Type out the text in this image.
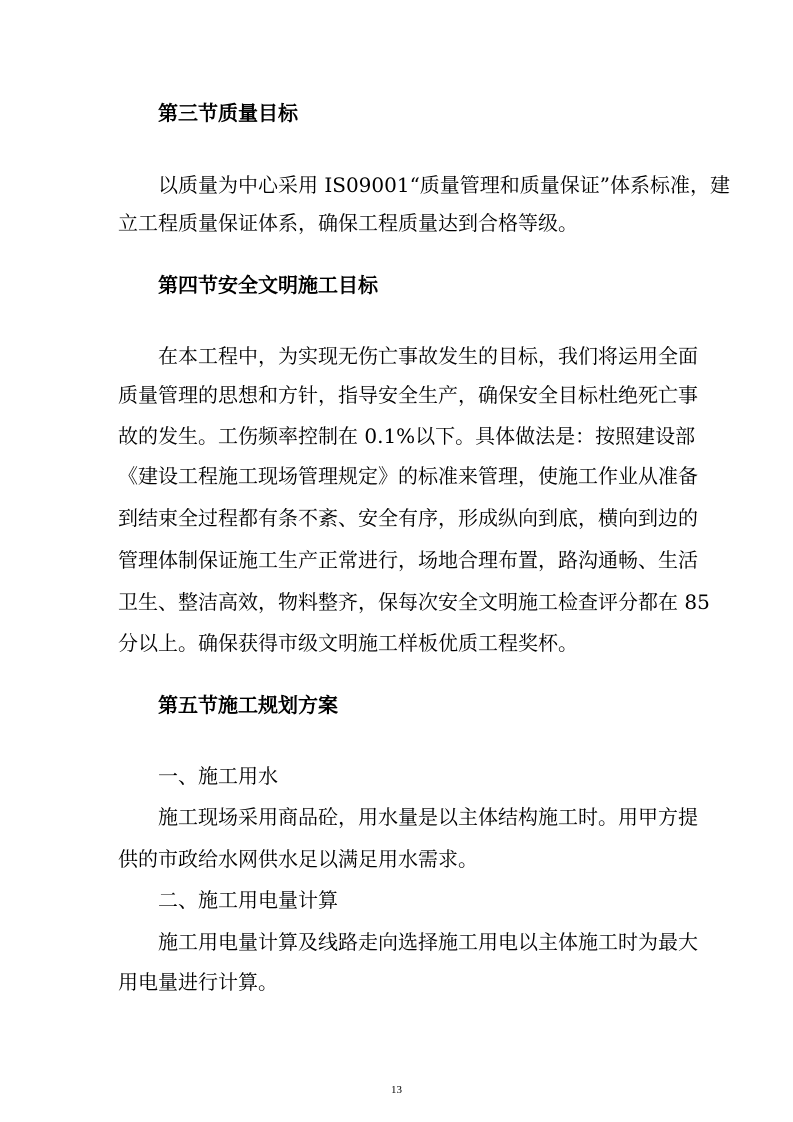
第三节质量目标

以质量为中心采用 IS09001“质量管理和质量保证”体系标准，建

立工程质量保证体系，确保工程质量达到合格等级。

第四节安全文明施工目标

在本工程中，为实现无伤亡事故发生的目标，我们将运用全面

质量管理的思想和方针，指导安全生产，确保安全目标杜绝死亡事

故的发生。工伤频率控制在 0.1%以下。具体做法是：按照建设部

《建设工程施工现场管理规定》的标准来管理，使施工作业从准备

到结束全过程都有条不紊、安全有序，形成纵向到底，横向到边的

管理体制保证施工生产正常进行，场地合理布置，路沟通畅、生活

卫生、整洁高效，物料整齐，保每次安全文明施工检查评分都在 85

分以上。确保获得市级文明施工样板优质工程奖杯。

第五节施工规划方案

一、施工用水

施工现场采用商品砼，用水量是以主体结构施工时。用甲方提

供的市政给水网供水足以满足用水需求。

二、施工用电量计算

施工用电量计算及线路走向选择施工用电以主体施工时为最大

用电量进行计算。

13
